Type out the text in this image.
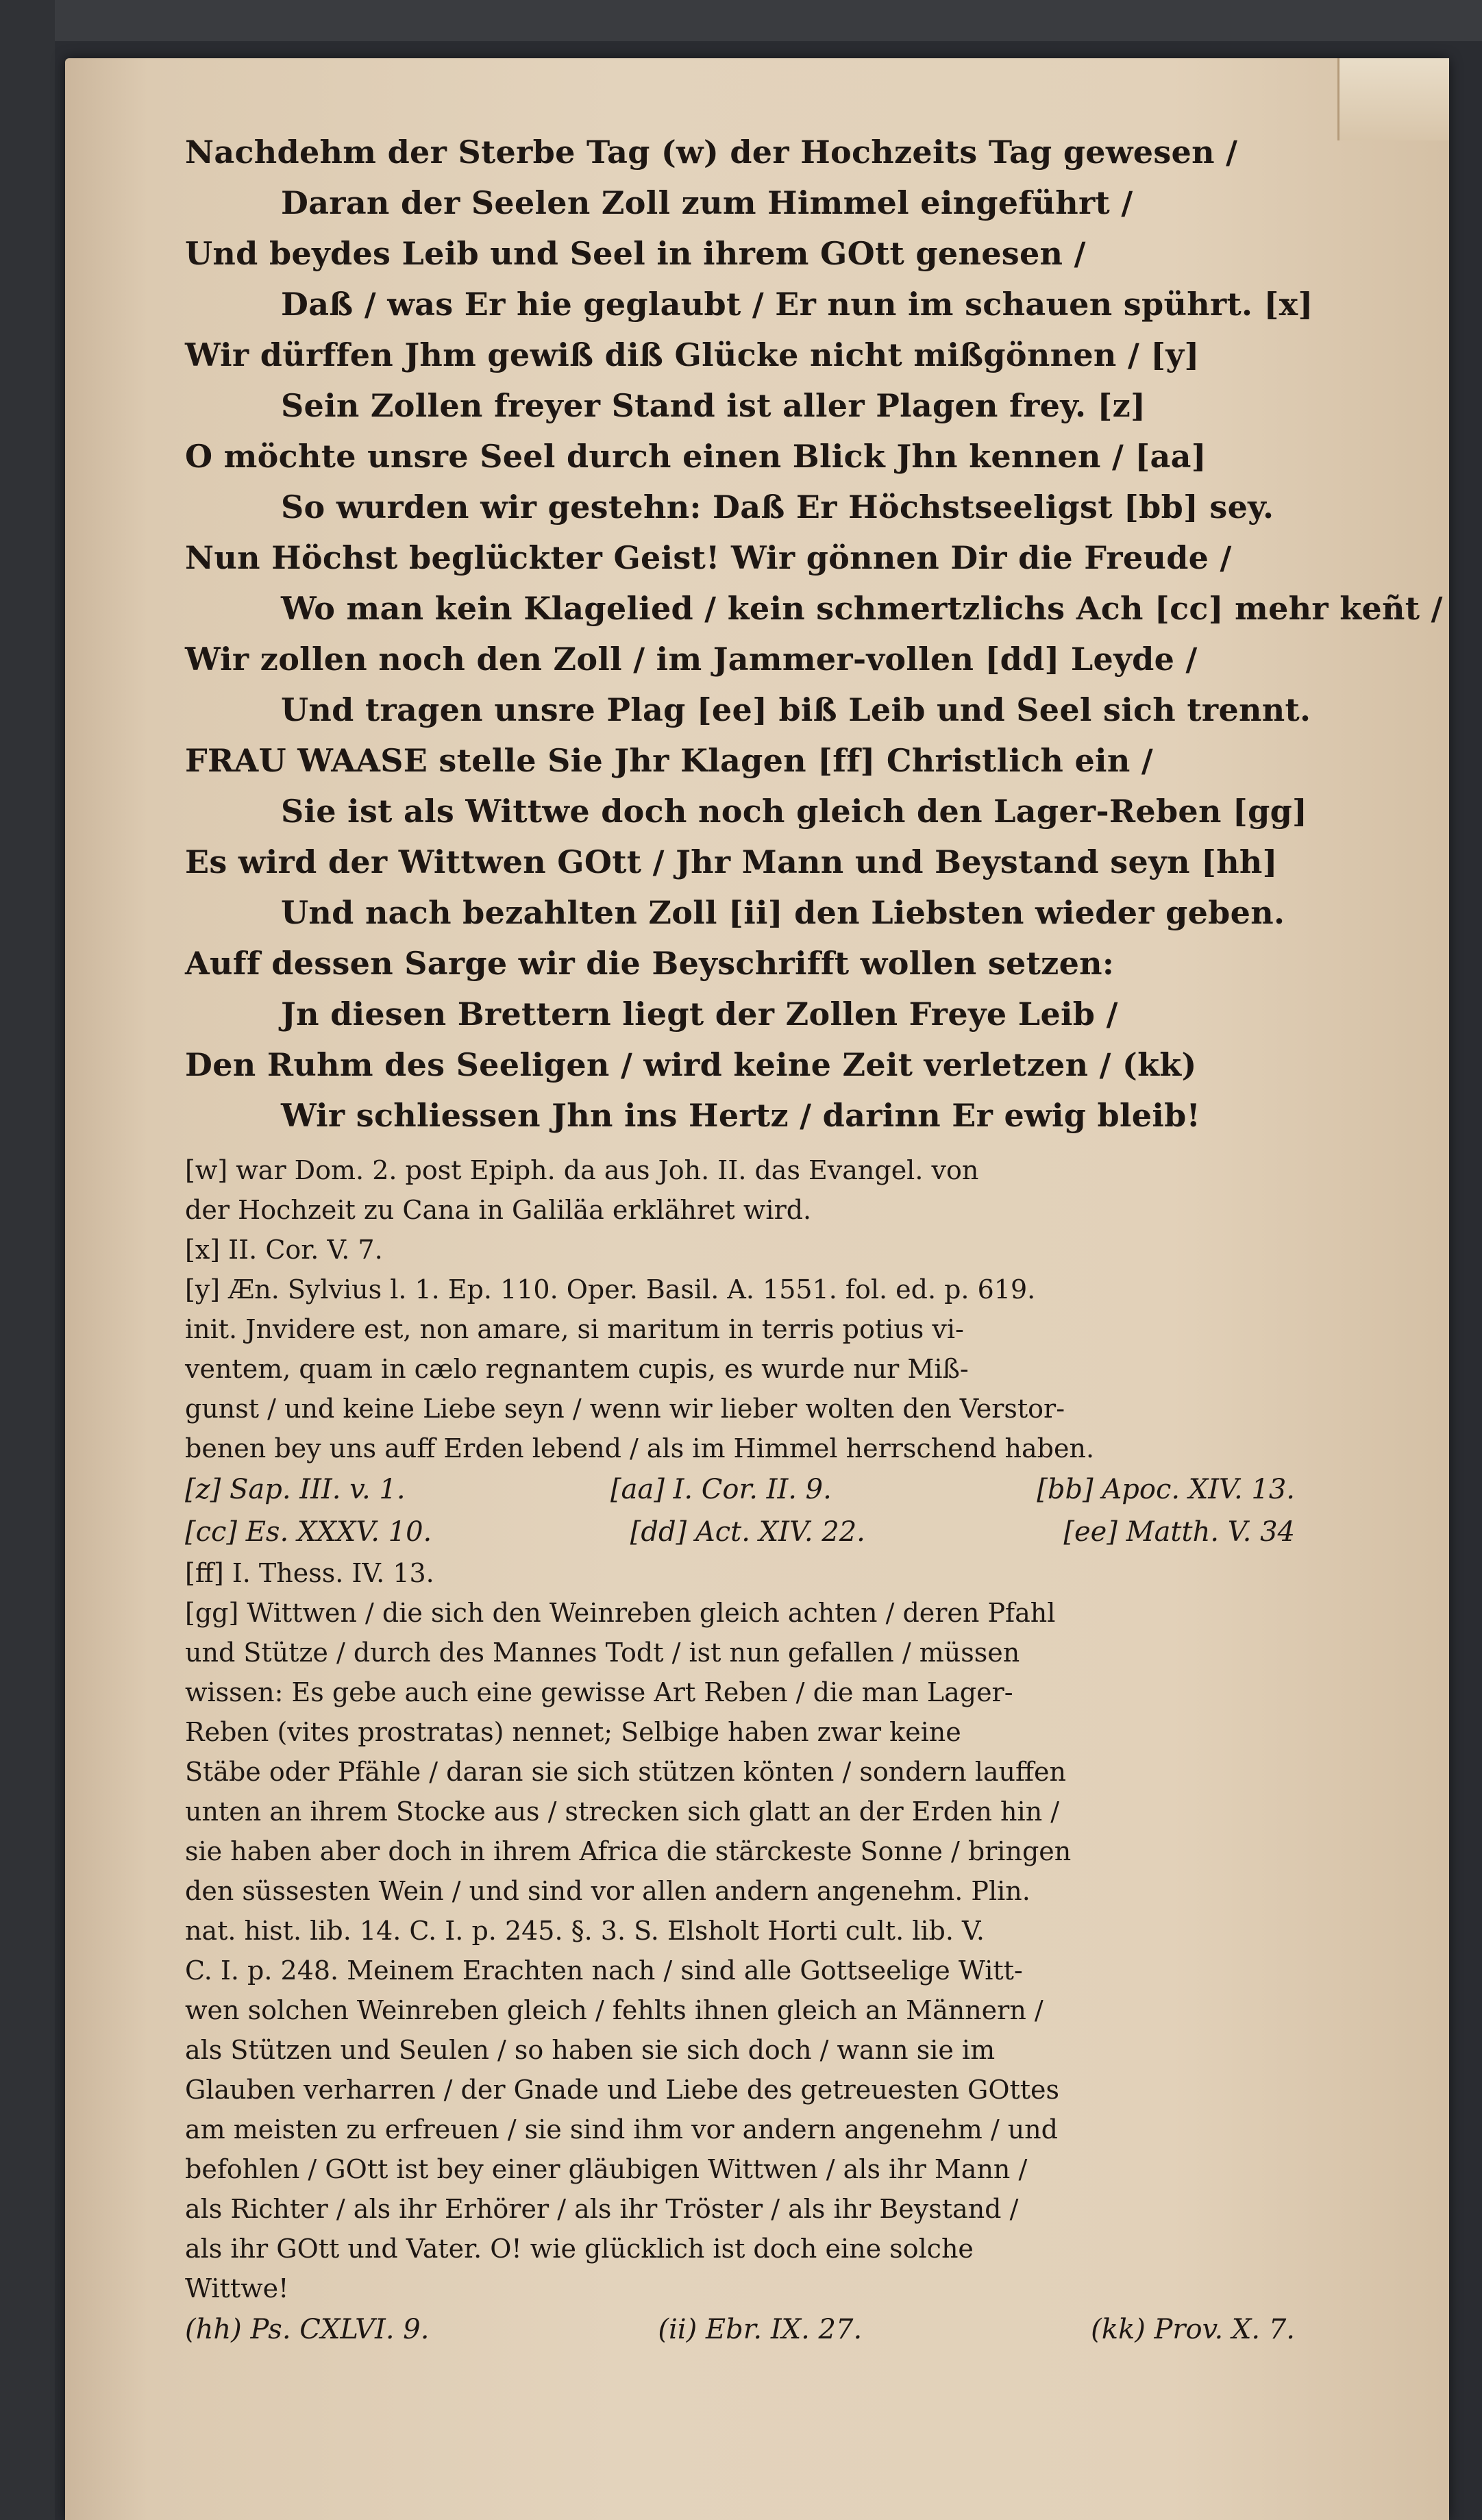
Nachdehm der Sterbe Tag (w) der Hochzeits Tag gewesen /
Daran der Seelen Zoll zum Himmel eingeführt /
Und beydes Leib und Seel in ihrem GOtt genesen /
Daß / was Er hie geglaubt / Er nun im schauen spührt. [x]
Wir dürffen Jhm gewiß diß Glücke nicht mißgönnen / [y]
Sein Zollen freyer Stand ist aller Plagen frey. [z]
O möchte unsre Seel durch einen Blick Jhn kennen / [aa]
So wurden wir gestehn: Daß Er Höchstseeligst [bb] sey.
Nun Höchst beglückter Geist! Wir gönnen Dir die Freude /
Wo man kein Klagelied / kein schmertzlichs Ach [cc] mehr keñt /
Wir zollen noch den Zoll / im Jammer-vollen [dd] Leyde /
Und tragen unsre Plag [ee] biß Leib und Seel sich trennt.
FRAU WAASE stelle Sie Jhr Klagen [ff] Christlich ein /
Sie ist als Wittwe doch noch gleich den Lager-Reben [gg]
Es wird der Wittwen GOtt / Jhr Mann und Beystand seyn [hh]
Und nach bezahlten Zoll [ii] den Liebsten wieder geben.
Auff dessen Sarge wir die Beyschrifft wollen setzen:
Jn diesen Brettern liegt der Zollen Freye Leib /
Den Ruhm des Seeligen / wird keine Zeit verletzen / (kk)
Wir schliessen Jhn ins Hertz / darinn Er ewig bleib!
[w] war Dom. 2. post Epiph. da aus Joh. II. das Evangel. von
der Hochzeit zu Cana in Galiläa erklähret wird.
[x] II. Cor. V. 7.
[y] Æn. Sylvius l. 1. Ep. 110. Oper. Basil. A. 1551. fol. ed. p. 619.
init. Jnvidere est, non amare, si maritum in terris potius vi-
ventem, quam in cælo regnantem cupis, es wurde nur Miß-
gunst / und keine Liebe seyn / wenn wir lieber wolten den Verstor-
benen bey uns auff Erden lebend / als im Himmel herrschend haben.
[z] Sap. III. v. 1.	[aa] I. Cor. II. 9.	[bb] Apoc. XIV. 13.
[cc] Es. XXXV. 10.	[dd] Act. XIV. 22.	[ee] Matth. V. 34
[ff] I. Thess. IV. 13.
[gg] Wittwen / die sich den Weinreben gleich achten / deren Pfahl
und Stütze / durch des Mannes Todt / ist nun gefallen / müssen
wissen: Es gebe auch eine gewisse Art Reben / die man Lager-
Reben (vites prostratas) nennet; Selbige haben zwar keine
Stäbe oder Pfähle / daran sie sich stützen könten / sondern lauffen
unten an ihrem Stocke aus / strecken sich glatt an der Erden hin /
sie haben aber doch in ihrem Africa die stärckeste Sonne / bringen
den süssesten Wein / und sind vor allen andern angenehm. Plin.
nat. hist. lib. 14. C. I. p. 245. §. 3. S. Elsholt Horti cult. lib. V.
C. I. p. 248. Meinem Erachten nach / sind alle Gottseelige Witt-
wen solchen Weinreben gleich / fehlts ihnen gleich an Männern /
als Stützen und Seulen / so haben sie sich doch / wann sie im
Glauben verharren / der Gnade und Liebe des getreuesten GOttes
am meisten zu erfreuen / sie sind ihm vor andern angenehm / und
befohlen / GOtt ist bey einer gläubigen Wittwen / als ihr Mann /
als Richter / als ihr Erhörer / als ihr Tröster / als ihr Beystand /
als ihr GOtt und Vater. O! wie glücklich ist doch eine solche
Wittwe!
(hh) Ps. CXLVI. 9.	(ii) Ebr. IX. 27.	(kk) Prov. X. 7.
